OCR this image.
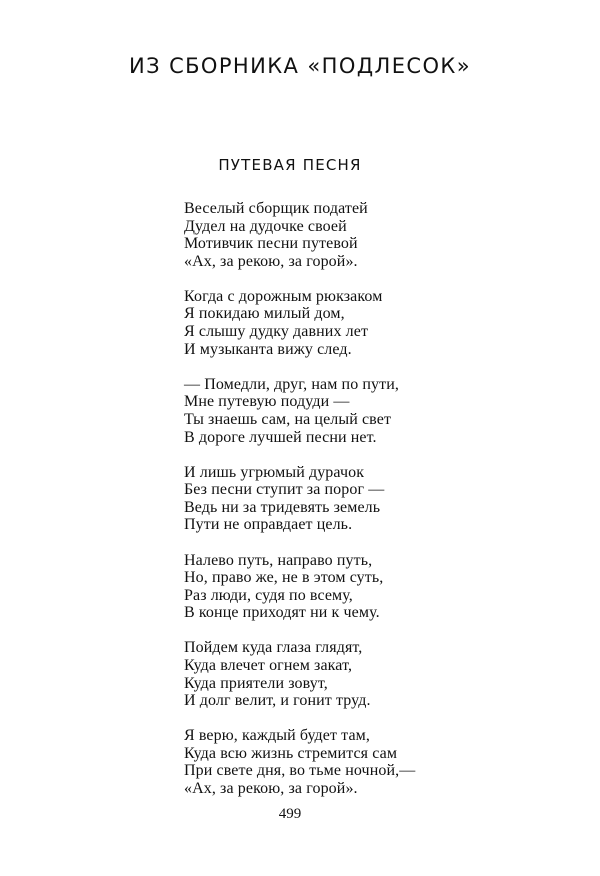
ИЗ СБОРНИКА «ПОДЛЕСОК»
ПУТЕВАЯ ПЕСНЯ
Веселый сборщик податей
Дудел на дудочке своей
Мотивчик песни путевой
«Ах, за рекою, за горой».
Когда с дорожным рюкзаком
Я покидаю милый дом,
Я слышу дудку давних лет
И музыканта вижу след.
— Помедли, друг, нам по пути,
Мне путевую подуди —
Ты знаешь сам, на целый свет
В дороге лучшей песни нет.
И лишь угрюмый дурачок
Без песни ступит за порог —
Ведь ни за тридевять земель
Пути не оправдает цель.
Налево путь, направо путь,
Но, право же, не в этом суть,
Раз люди, судя по всему,
В конце приходят ни к чему.
Пойдем куда глаза глядят,
Куда влечет огнем закат,
Куда приятели зовут,
И долг велит, и гонит труд.
Я верю, каждый будет там,
Куда всю жизнь стремится сам
При свете дня, во тьме ночной,—
«Ах, за рекою, за горой».
499
